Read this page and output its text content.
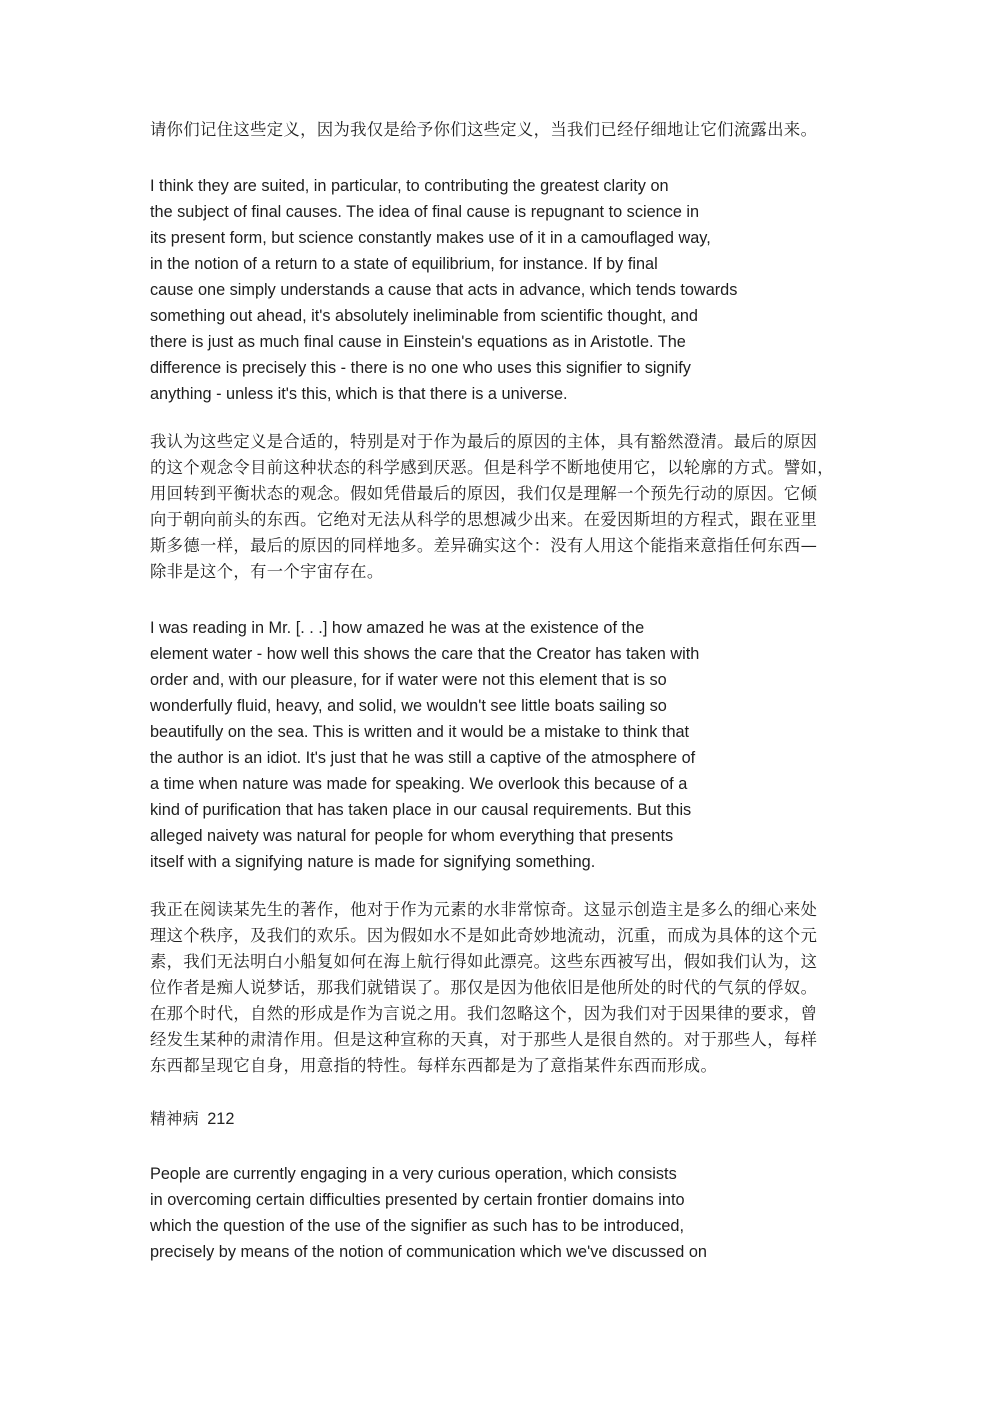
请你们记住这些定义，因为我仅是给予你们这些定义，当我们已经仔细地让它们流露出来。
I think they are suited, in particular, to contributing the greatest clarity on
the subject of final causes. The idea of final cause is repugnant to science in
its present form, but science constantly makes use of it in a camouflaged way,
in the notion of a return to a state of equilibrium, for instance. If by final
cause one simply understands a cause that acts in advance, which tends towards
something out ahead, it's absolutely ineliminable from scientific thought, and
there is just as much final cause in Einstein's equations as in Aristotle. The
difference is precisely this - there is no one who uses this signifier to signify
anything - unless it's this, which is that there is a universe.
我认为这些定义是合适的，特别是对于作为最后的原因的主体，具有豁然澄清。最后的原因
的这个观念令目前这种状态的科学感到厌恶。但是科学不断地使用它，以轮廓的方式。譬如，
用回转到平衡状态的观念。假如凭借最后的原因，我们仅是理解一个预先行动的原因。它倾
向于朝向前头的东西。它绝对无法从科学的思想减少出来。在爱因斯坦的方程式，跟在亚里
斯多德一样，最后的原因的同样地多。差异确实这个：没有人用这个能指来意指任何东西—
除非是这个，有一个宇宙存在。
I was reading in Mr. [. . .] how amazed he was at the existence of the
element water - how well this shows the care that the Creator has taken with
order and, with our pleasure, for if water were not this element that is so
wonderfully fluid, heavy, and solid, we wouldn't see little boats sailing so
beautifully on the sea. This is written and it would be a mistake to think that
the author is an idiot. It's just that he was still a captive of the atmosphere of
a time when nature was made for speaking. We overlook this because of a
kind of purification that has taken place in our causal requirements. But this
alleged naivety was natural for people for whom everything that presents
itself with a signifying nature is made for signifying something.
我正在阅读某先生的著作，他对于作为元素的水非常惊奇。这显示创造主是多么的细心来处
理这个秩序，及我们的欢乐。因为假如水不是如此奇妙地流动，沉重，而成为具体的这个元
素，我们无法明白小船复如何在海上航行得如此漂亮。这些东西被写出，假如我们认为，这
位作者是痴人说梦话，那我们就错误了。那仅是因为他依旧是他所处的时代的气氛的俘奴。
在那个时代，自然的形成是作为言说之用。我们忽略这个，因为我们对于因果律的要求，曾
经发生某种的肃清作用。但是这种宣称的天真，对于那些人是很自然的。对于那些人，每样
东西都呈现它自身，用意指的特性。每样东西都是为了意指某件东西而形成。
精神病 212
People are currently engaging in a very curious operation, which consists
in overcoming certain difficulties presented by certain frontier domains into
which the question of the use of the signifier as such has to be introduced,
precisely by means of the notion of communication which we've discussed on
